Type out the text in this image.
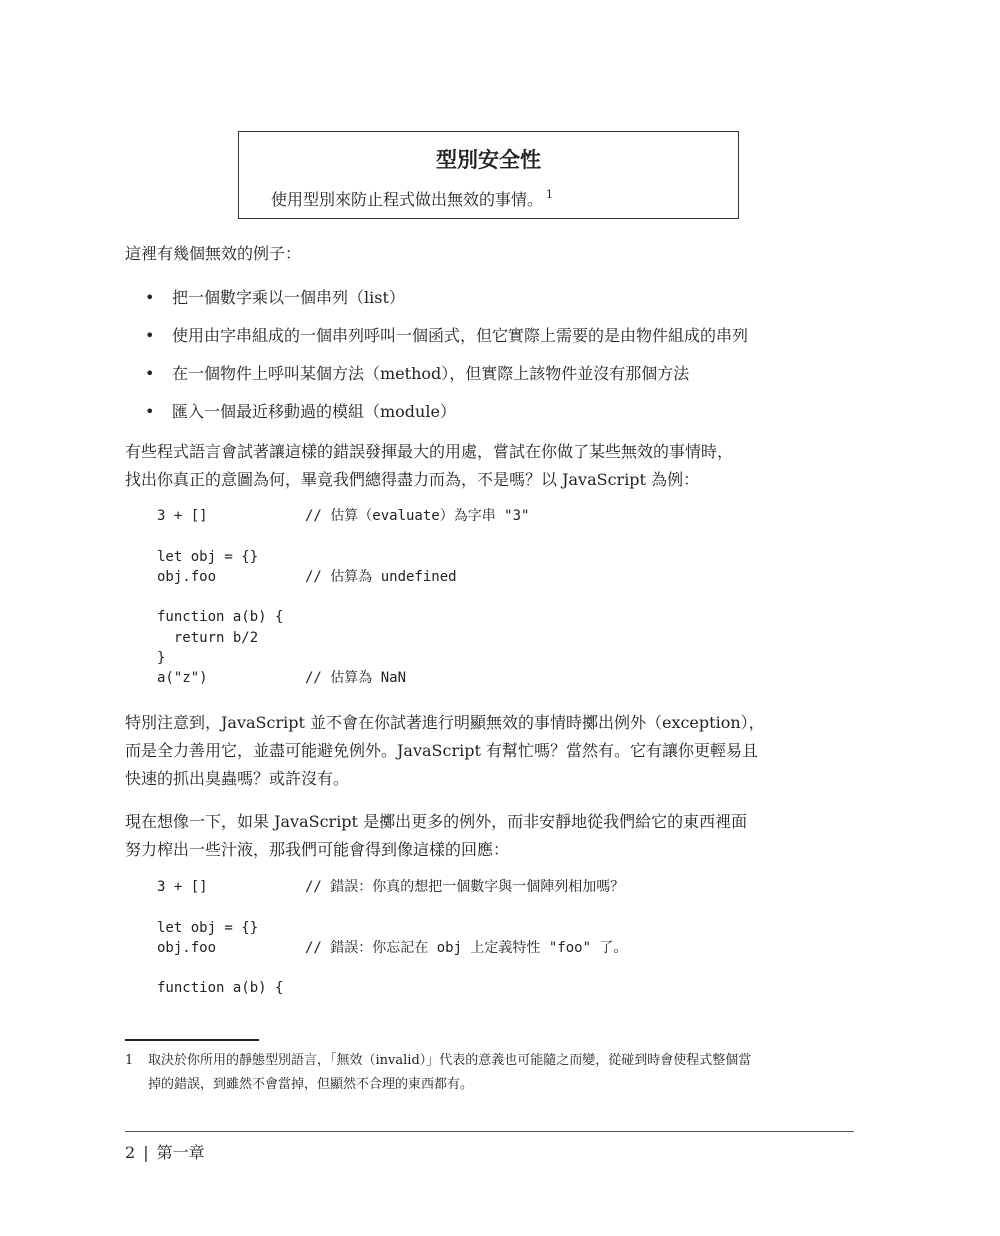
型別安全性
使用型別來防止程式做出無效的事情。 $^1$
這裡有幾個無效的例子：
• 把一個數字乘以一個串列（list）
• 使用由字串組成的一個串列呼叫一個函式，但它實際上需要的是由物件組成的串列
• 在一個物件上呼叫某個方法（method），但實際上該物件並沒有那個方法
• 匯入一個最近移動過的模組（module）
有些程式語言會試著讓這樣的錯誤發揮最大的用處，嘗試在你做了某些無效的事情時，
找出你真正的意圖為何，畢竟我們總得盡力而為，不是嗎？以 JavaScript 為例：
3 + []	// 估算（evaluate）為字串 "3"
let obj = {}
obj.foo	// 估算為 undefined
function a(b) {
return b/2
}
a("z")	// 估算為 NaN
特別注意到，JavaScript 並不會在你試著進行明顯無效的事情時擲出例外（exception），
而是全力善用它，並盡可能避免例外。JavaScript 有幫忙嗎？當然有。它有讓你更輕易且
快速的抓出臭蟲嗎？或許沒有。
現在想像一下，如果 JavaScript 是擲出更多的例外，而非安靜地從我們給它的東西裡面
努力榨出一些汁液，那我們可能會得到像這樣的回應：
3 + []	// 錯誤：你真的想把一個數字與一個陣列相加嗎？
let obj = {}
obj.foo	// 錯誤：你忘記在 obj 上定義特性 "foo" 了。
function a(b) {
1 取決於你所用的靜態型別語言，「無效（invalid）」代表的意義也可能隨之而變，從碰到時會使程式整個當
掉的錯誤，到雖然不會當掉，但顯然不合理的東西都有。
2 | 第一章
